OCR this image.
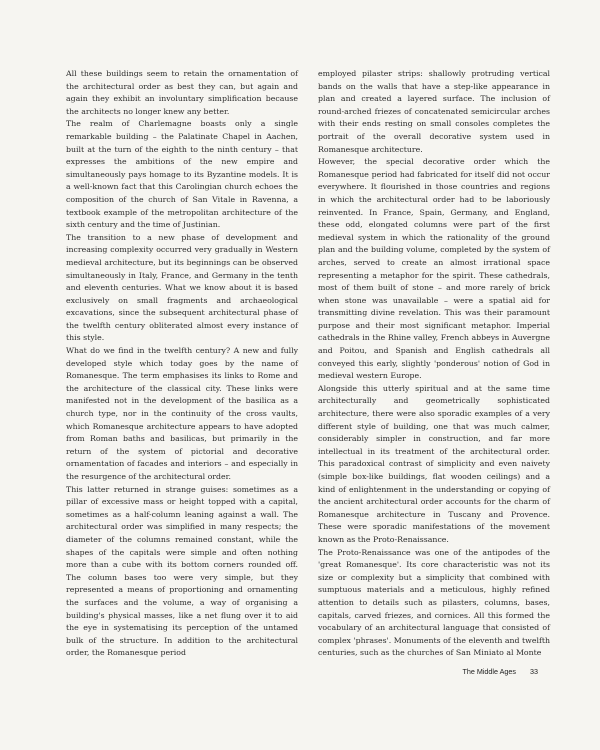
All these buildings seem to retain the ornamentation of the architectural order as best they can, but again and again they exhibit an involuntary simplification because the architects no longer knew any better.

The realm of Charlemagne boasts only a single remarkable building – the Palatinate Chapel in Aachen, built at the turn of the eighth to the ninth century – that expresses the ambitions of the new empire and simultaneously pays homage to its Byzantine models. It is a well-known fact that this Carolingian church echoes the composition of the church of San Vitale in Ravenna, a textbook example of the metropolitan architecture of the sixth century and the time of Justinian.

The transition to a new phase of development and increasing complexity occurred very gradually in Western medieval architecture, but its beginnings can be observed simultaneously in Italy, France, and Germany in the tenth and eleventh centuries. What we know about it is based exclusively on small fragments and archaeological excavations, since the subsequent architectural phase of the twelfth century obliterated almost every instance of this style.

What do we find in the twelfth century? A new and fully developed style which today goes by the name of Romanesque. The term emphasises its links to Rome and the architecture of the classical city. These links were manifested not in the development of the basilica as a church type, nor in the continuity of the cross vaults, which Romanesque architecture appears to have adopted from Roman baths and basilicas, but primarily in the return of the system of pictorial and decorative ornamentation of facades and interiors – and especially in the resurgence of the architectural order.

This latter returned in strange guises: sometimes as a pillar of excessive mass or height topped with a capital, sometimes as a half-column leaning against a wall. The architectural order was simplified in many respects; the diameter of the columns remained constant, while the shapes of the capitals were simple and often nothing more than a cube with its bottom corners rounded off. The column bases too were very simple, but they represented a means of proportioning and ornamenting the surfaces and the volume, a way of organising a building's physical masses, like a net flung over it to aid the eye in systematising its perception of the untamed bulk of the structure. In addition to the architectural order, the Romanesque period

employed pilaster strips: shallowly protruding vertical bands on the walls that have a step-like appearance in plan and created a layered surface. The inclusion of round-arched friezes of concatenated semicircular arches with their ends resting on small consoles completes the portrait of the overall decorative system used in Romanesque architecture.

However, the special decorative order which the Romanesque period had fabricated for itself did not occur everywhere. It flourished in those countries and regions in which the architectural order had to be laboriously reinvented. In France, Spain, Germany, and England, these odd, elongated columns were part of the first medieval system in which the rationality of the ground plan and the building volume, completed by the system of arches, served to create an almost irrational space representing a metaphor for the spirit. These cathedrals, most of them built of stone – and more rarely of brick when stone was unavailable – were a spatial aid for transmitting divine revelation. This was their paramount purpose and their most significant metaphor. Imperial cathedrals in the Rhine valley, French abbeys in Auvergne and Poitou, and Spanish and English cathedrals all conveyed this early, slightly 'ponderous' notion of God in medieval western Europe.

Alongside this utterly spiritual and at the same time architecturally and geometrically sophisticated architecture, there were also sporadic examples of a very different style of building, one that was much calmer, considerably simpler in construction, and far more intellectual in its treatment of the architectural order. This paradoxical contrast of simplicity and even naivety (simple box-like buildings, flat wooden ceilings) and a kind of enlightenment in the understanding or copying of the ancient architectural order accounts for the charm of Romanesque architecture in Tuscany and Provence. These were sporadic manifestations of the movement known as the Proto-Renaissance.

The Proto-Renaissance was one of the antipodes of the 'great Romanesque'. Its core characteristic was not its size or complexity but a simplicity that combined with sumptuous materials and a meticulous, highly refined attention to details such as pilasters, columns, bases, capitals, carved friezes, and cornices. All this formed the vocabulary of an architectural language that consisted of complex 'phrases'. Monuments of the eleventh and twelfth centuries, such as the churches of San Miniato al Monte

The Middle Ages 33
